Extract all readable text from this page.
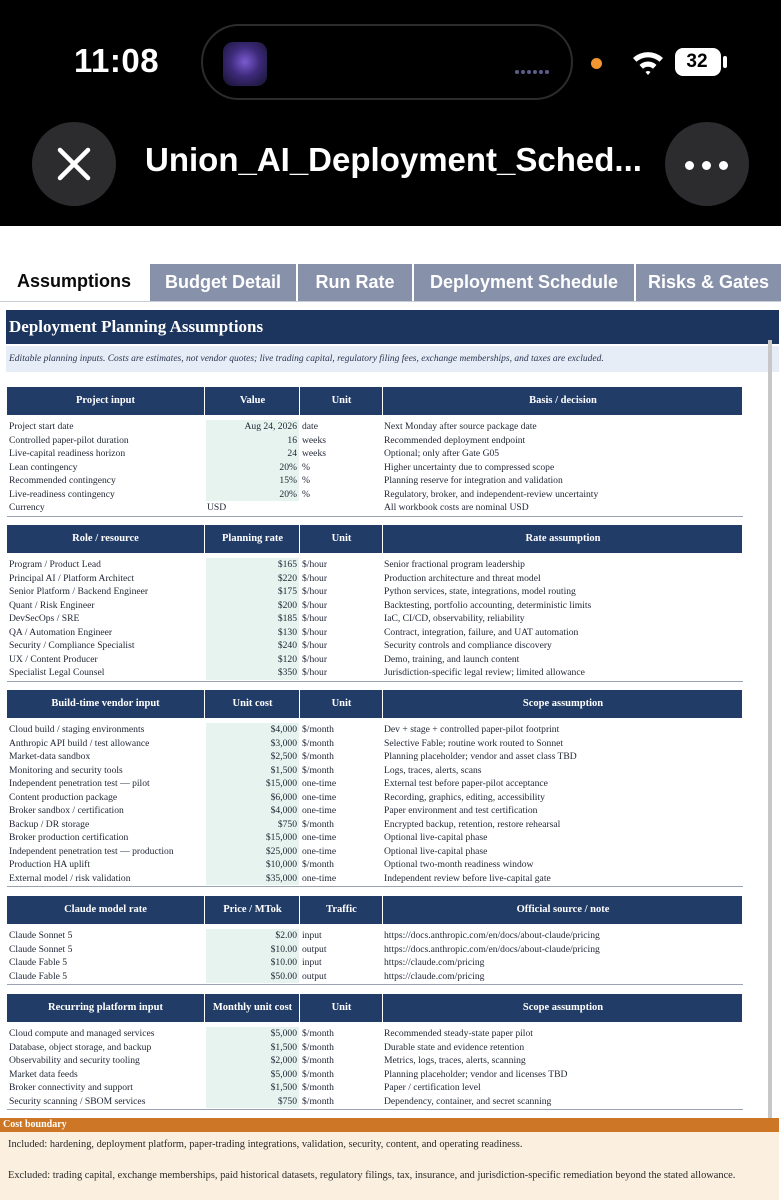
11:08	32
Union_AI_Deployment_Sched...
Assumptions	Budget Detail	Run Rate	Deployment Schedule	Risks & Gates
Deployment Planning Assumptions
Editable planning inputs. Costs are estimates, not vendor quotes; live trading capital, regulatory filing fees, exchange memberships, and taxes are excluded.
Project input	Value	Unit	Basis / decision
Project start date	Aug 24, 2026 date	Next Monday after source package date
Controlled paper-pilot duration	16 weeks	Recommended deployment endpoint
Live-capital readiness horizon	24 weeks	Optional; only after Gate G05
Lean contingency	20% %	Higher uncertainty due to compressed scope
Recommended contingency	15% %	Planning reserve for integration and validation
Live-readiness contingency	20% %	Regulatory, broker, and independent-review uncertainty
Currency	USD	All workbook costs are nominal USD
Role / resource	Planning rate	Unit	Rate assumption
Program / Product Lead	$165 $/hour	Senior fractional program leadership
Principal AI / Platform Architect	$220 $/hour	Production architecture and threat model
Senior Platform / Backend Engineer	$175 $/hour	Python services, state, integrations, model routing
Quant / Risk Engineer	$200 $/hour	Backtesting, portfolio accounting, deterministic limits
DevSecOps / SRE	$185 $/hour	IaC, CI/CD, observability, reliability
QA / Automation Engineer	$130 $/hour	Contract, integration, failure, and UAT automation
Security / Compliance Specialist	$240 $/hour	Security controls and compliance discovery
UX / Content Producer	$120 $/hour	Demo, training, and launch content
Specialist Legal Counsel	$350 $/hour	Jurisdiction-specific legal review; limited allowance
Build-time vendor input	Unit cost	Unit	Scope assumption
Cloud build / staging environments	$4,000 $/month	Dev + stage + controlled paper-pilot footprint
Anthropic API build / test allowance	$3,000 $/month	Selective Fable; routine work routed to Sonnet
Market-data sandbox	$2,500 $/month	Planning placeholder; vendor and asset class TBD
Monitoring and security tools	$1,500 $/month	Logs, traces, alerts, scans
Independent penetration test — pilot	$15,000 one-time	External test before paper-pilot acceptance
Content production package	$6,000 one-time	Recording, graphics, editing, accessibility
Broker sandbox / certification	$4,000 one-time	Paper environment and test certification
Backup / DR storage	$750 $/month	Encrypted backup, retention, restore rehearsal
Broker production certification	$15,000 one-time	Optional live-capital phase
Independent penetration test — production	$25,000 one-time	Optional live-capital phase
Production HA uplift	$10,000 $/month	Optional two-month readiness window
External model / risk validation	$35,000 one-time	Independent review before live-capital gate
Claude model rate	Price / MTok	Traffic	Official source / note
Claude Sonnet 5	$2.00 input	https://docs.anthropic.com/en/docs/about-claude/pricing
Claude Sonnet 5	$10.00 output	https://docs.anthropic.com/en/docs/about-claude/pricing
Claude Fable 5	$10.00 input	https://claude.com/pricing
Claude Fable 5	$50.00 output	https://claude.com/pricing
Recurring platform input	Monthly unit cost	Unit	Scope assumption
Cloud compute and managed services	$5,000 $/month	Recommended steady-state paper pilot
Database, object storage, and backup	$1,500 $/month	Durable state and evidence retention
Observability and security tooling	$2,000 $/month	Metrics, logs, traces, alerts, scanning
Market data feeds	$5,000 $/month	Planning placeholder; vendor and licenses TBD
Broker connectivity and support	$1,500 $/month	Paper / certification level
Security scanning / SBOM services	$750 $/month	Dependency, container, and secret scanning
Cost boundary
Included: hardening, deployment platform, paper-trading integrations, validation, security, content, and operating readiness.
Excluded: trading capital, exchange memberships, paid historical datasets, regulatory filings, tax, insurance, and jurisdiction-specific remediation beyond the stated allowance.
